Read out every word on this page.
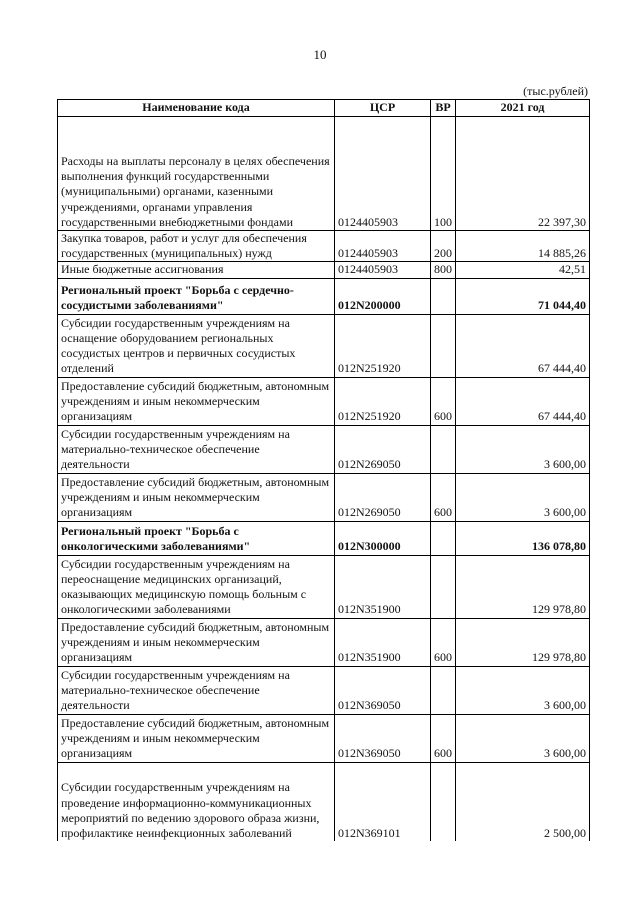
10
(тыс.рублей)
Наименование кода	ЦСР	ВР	2021 год
Расходы на выплаты персоналу в целях обеспечения выполнения функций государственными (муниципальными) органами, казенными учреждениями, органами управления государственными внебюджетными фондами	0124405903	100	22 397,30
Закупка товаров, работ и услуг для обеспечения государственных (муниципальных) нужд	0124405903	200	14 885,26
Иные бюджетные ассигнования	0124405903	800	42,51
Региональный проект "Борьба с сердечно-сосудистыми заболеваниями"	012N200000		71 044,40
Субсидии государственным учреждениям на оснащение оборудованием региональных сосудистых центров и первичных сосудистых отделений	012N251920		67 444,40
Предоставление субсидий бюджетным, автономным учреждениям и иным некоммерческим организациям	012N251920	600	67 444,40
Субсидии государственным учреждениям на материально-техническое обеспечение деятельности	012N269050		3 600,00
Предоставление субсидий бюджетным, автономным учреждениям и иным некоммерческим организациям	012N269050	600	3 600,00
Региональный проект "Борьба с онкологическими заболеваниями"	012N300000		136 078,80
Субсидии государственным учреждениям на переоснащение медицинских организаций, оказывающих медицинскую помощь больным с онкологическими заболеваниями	012N351900		129 978,80
Предоставление субсидий бюджетным, автономным учреждениям и иным некоммерческим организациям	012N351900	600	129 978,80
Субсидии государственным учреждениям на материально-техническое обеспечение деятельности	012N369050		3 600,00
Предоставление субсидий бюджетным, автономным учреждениям и иным некоммерческим организациям	012N369050	600	3 600,00
Субсидии государственным учреждениям на проведение информационно-коммуникационных мероприятий по ведению здорового образа жизни, профилактике неинфекционных заболеваний	012N369101		2 500,00
